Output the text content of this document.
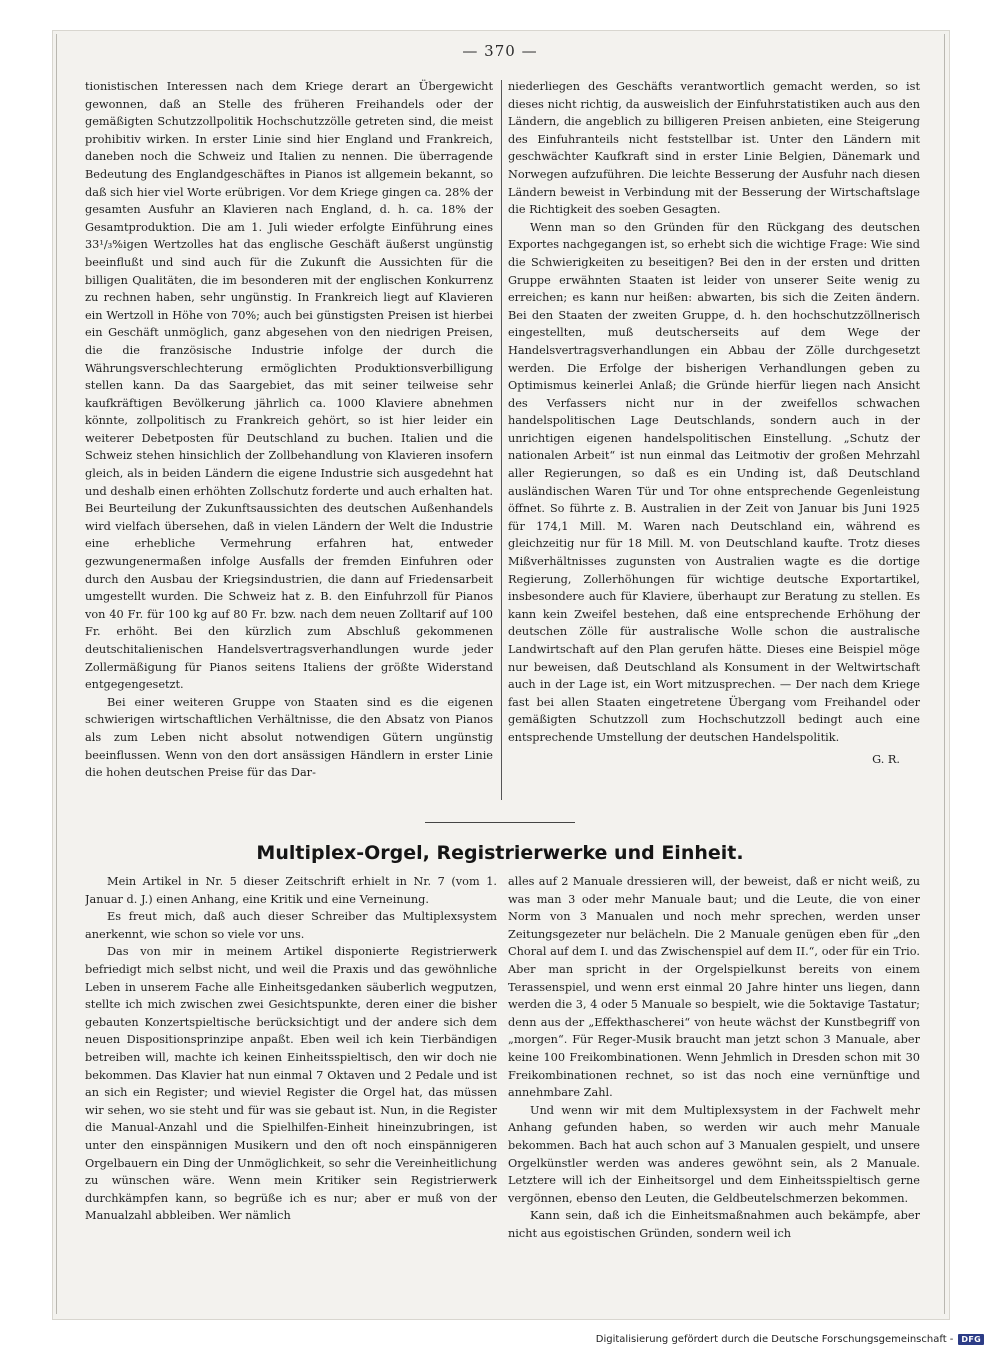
— 370 —

tionistischen Interessen nach dem Kriege derart an Übergewicht gewonnen, daß an Stelle des früheren Freihandels oder der gemäßigten Schutzzollpolitik Hochschutzzölle getreten sind, die meist prohibitiv wirken. In erster Linie sind hier England und Frankreich, daneben noch die Schweiz und Italien zu nennen. Die überragende Bedeutung des Englandgeschäftes in Pianos ist allgemein bekannt, so daß sich hier viel Worte erübrigen. Vor dem Kriege gingen ca. 28% der gesamten Ausfuhr an Klavieren nach England, d. h. ca. 18% der Gesamtproduktion. Die am 1. Juli wieder erfolgte Einführung eines 33¹/₃%igen Wertzolles hat das englische Geschäft äußerst ungünstig beeinflußt und sind auch für die Zukunft die Aussichten für die billigen Qualitäten, die im besonderen mit der englischen Konkurrenz zu rechnen haben, sehr ungünstig. In Frankreich liegt auf Klavieren ein Wertzoll in Höhe von 70%; auch bei günstigsten Preisen ist hierbei ein Geschäft unmöglich, ganz abgesehen von den niedrigen Preisen, die die französische Industrie infolge der durch die Währungsverschlechterung ermöglichten Produktionsverbilligung stellen kann. Da das Saargebiet, das mit seiner teilweise sehr kaufkräftigen Bevölkerung jährlich ca. 1000 Klaviere abnehmen könnte, zollpolitisch zu Frankreich gehört, so ist hier leider ein weiterer Debetposten für Deutschland zu buchen. Italien und die Schweiz stehen hinsichlich der Zollbehandlung von Klavieren insofern gleich, als in beiden Ländern die eigene Industrie sich ausgedehnt hat und deshalb einen erhöhten Zollschutz forderte und auch erhalten hat. Bei Beurteilung der Zukunftsaussichten des deutschen Außenhandels wird vielfach übersehen, daß in vielen Ländern der Welt die Industrie eine erhebliche Vermehrung erfahren hat, entweder gezwungenermaßen infolge Ausfalls der fremden Einfuhren oder durch den Ausbau der Kriegsindustrien, die dann auf Friedensarbeit umgestellt wurden. Die Schweiz hat z. B. den Einfuhrzoll für Pianos von 40 Fr. für 100 kg auf 80 Fr. bzw. nach dem neuen Zolltarif auf 100 Fr. erhöht. Bei den kürzlich zum Abschluß gekommenen deutschitalienischen Handelsvertragsverhandlungen wurde jeder Zollermäßigung für Pianos seitens Italiens der größte Widerstand entgegengesetzt.

Bei einer weiteren Gruppe von Staaten sind es die eigenen schwierigen wirtschaftlichen Verhältnisse, die den Absatz von Pianos als zum Leben nicht absolut notwendigen Gütern ungünstig beeinflussen. Wenn von den dort ansässigen Händlern in erster Linie die hohen deutschen Preise für das Dar-

niederliegen des Geschäfts verantwortlich gemacht werden, so ist dieses nicht richtig, da ausweislich der Einfuhrstatistiken auch aus den Ländern, die angeblich zu billigeren Preisen anbieten, eine Steigerung des Einfuhranteils nicht feststellbar ist. Unter den Ländern mit geschwächter Kaufkraft sind in erster Linie Belgien, Dänemark und Norwegen aufzuführen. Die leichte Besserung der Ausfuhr nach diesen Ländern beweist in Verbindung mit der Besserung der Wirtschaftslage die Richtigkeit des soeben Gesagten.

Wenn man so den Gründen für den Rückgang des deutschen Exportes nachgegangen ist, so erhebt sich die wichtige Frage: Wie sind die Schwierigkeiten zu beseitigen? Bei den in der ersten und dritten Gruppe erwähnten Staaten ist leider von unserer Seite wenig zu erreichen; es kann nur heißen: abwarten, bis sich die Zeiten ändern. Bei den Staaten der zweiten Gruppe, d. h. den hochschutzzöllnerisch eingestellten, muß deutscherseits auf dem Wege der Handelsvertragsverhandlungen ein Abbau der Zölle durchgesetzt werden. Die Erfolge der bisherigen Verhandlungen geben zu Optimismus keinerlei Anlaß; die Gründe hierfür liegen nach Ansicht des Verfassers nicht nur in der zweifellos schwachen handelspolitischen Lage Deutschlands, sondern auch in der unrichtigen eigenen handelspolitischen Einstellung. „Schutz der nationalen Arbeit“ ist nun einmal das Leitmotiv der großen Mehrzahl aller Regierungen, so daß es ein Unding ist, daß Deutschland ausländischen Waren Tür und Tor ohne entsprechende Gegenleistung öffnet. So führte z. B. Australien in der Zeit von Januar bis Juni 1925 für 174,1 Mill. M. Waren nach Deutschland ein, während es gleichzeitig nur für 18 Mill. M. von Deutschland kaufte. Trotz dieses Mißverhältnisses zugunsten von Australien wagte es die dortige Regierung, Zollerhöhungen für wichtige deutsche Exportartikel, insbesondere auch für Klaviere, überhaupt zur Beratung zu stellen. Es kann kein Zweifel bestehen, daß eine entsprechende Erhöhung der deutschen Zölle für australische Wolle schon die australische Landwirtschaft auf den Plan gerufen hätte. Dieses eine Beispiel möge nur beweisen, daß Deutschland als Konsument in der Weltwirtschaft auch in der Lage ist, ein Wort mitzusprechen. — Der nach dem Kriege fast bei allen Staaten eingetretene Übergang vom Freihandel oder gemäßigten Schutzzoll zum Hochschutzzoll bedingt auch eine entsprechende Umstellung der deutschen Handelspolitik.

G. R.

Multiplex-Orgel, Registrierwerke und Einheit.

Mein Artikel in Nr. 5 dieser Zeitschrift erhielt in Nr. 7 (vom 1. Januar d. J.) einen Anhang, eine Kritik und eine Verneinung.

Es freut mich, daß auch dieser Schreiber das Multiplexsystem anerkennt, wie schon so viele vor uns.

Das von mir in meinem Artikel disponierte Registrierwerk befriedigt mich selbst nicht, und weil die Praxis und das gewöhnliche Leben in unserem Fache alle Einheitsgedanken säuberlich wegputzen, stellte ich mich zwischen zwei Gesichtspunkte, deren einer die bisher gebauten Konzertspieltische berücksichtigt und der andere sich dem neuen Dispositionsprinzipe anpaßt. Eben weil ich kein Tierbändigen betreiben will, machte ich keinen Einheitsspieltisch, den wir doch nie bekommen. Das Klavier hat nun einmal 7 Oktaven und 2 Pedale und ist an sich ein Register; und wieviel Register die Orgel hat, das müssen wir sehen, wo sie steht und für was sie gebaut ist. Nun, in die Register die Manual-Anzahl und die Spielhilfen-Einheit hineinzubringen, ist unter den einspännigen Musikern und den oft noch einspännigeren Orgelbauern ein Ding der Unmöglichkeit, so sehr die Vereinheitlichung zu wünschen wäre. Wenn mein Kritiker sein Registrierwerk durchkämpfen kann, so begrüße ich es nur; aber er muß von der Manualzahl abbleiben. Wer nämlich

alles auf 2 Manuale dressieren will, der beweist, daß er nicht weiß, zu was man 3 oder mehr Manuale baut; und die Leute, die von einer Norm von 3 Manualen und noch mehr sprechen, werden unser Zeitungsgezeter nur belächeln. Die 2 Manuale genügen eben für „den Choral auf dem I. und das Zwischenspiel auf dem II.“, oder für ein Trio. Aber man spricht in der Orgelspielkunst bereits von einem Terassenspiel, und wenn erst einmal 20 Jahre hinter uns liegen, dann werden die 3, 4 oder 5 Manuale so bespielt, wie die 5oktavige Tastatur; denn aus der „Effekthascherei“ von heute wächst der Kunstbegriff von „morgen“. Für Reger-Musik braucht man jetzt schon 3 Manuale, aber keine 100 Freikombinationen. Wenn Jehmlich in Dresden schon mit 30 Freikombinationen rechnet, so ist das noch eine vernünftige und annehmbare Zahl.

Und wenn wir mit dem Multiplexsystem in der Fachwelt mehr Anhang gefunden haben, so werden wir auch mehr Manuale bekommen. Bach hat auch schon auf 3 Manualen gespielt, und unsere Orgelkünstler werden was anderes gewöhnt sein, als 2 Manuale. Letztere will ich der Einheitsorgel und dem Einheitsspieltisch gerne vergönnen, ebenso den Leuten, die Geldbeutelschmerzen bekommen.

Kann sein, daß ich die Einheitsmaßnahmen auch bekämpfe, aber nicht aus egoistischen Gründen, sondern weil ich

Digitalisierung gefördert durch die Deutsche Forschungsgemeinschaft -	DFG
